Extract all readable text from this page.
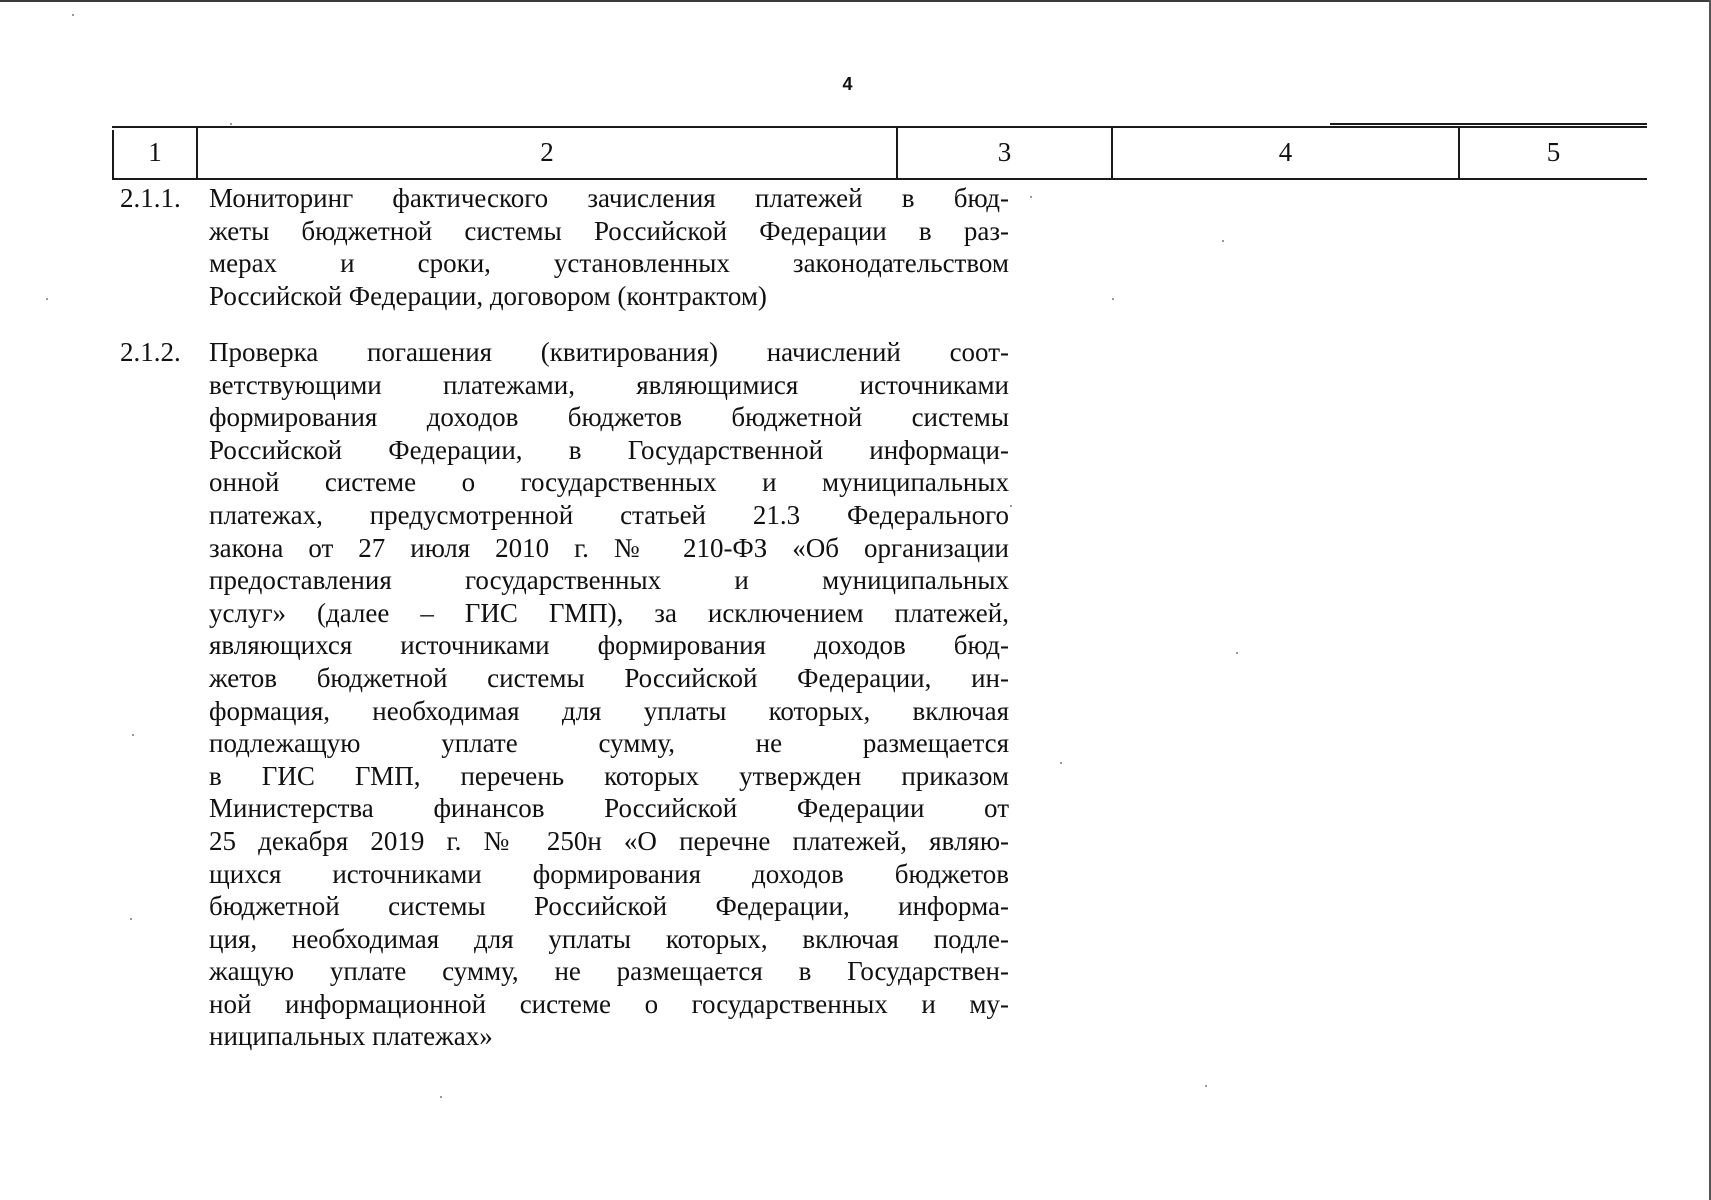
4
1	2	3	4	5
2.1.1. Мониторинг фактического зачисления платежей в бюд-
жеты бюджетной системы Российской Федерации в раз-
мерах и сроки, установленных законодательством
Российской Федерации, договором (контрактом)
2.1.2. Проверка погашения (квитирования) начислений соот-
ветствующими платежами, являющимися источниками
формирования доходов бюджетов бюджетной системы
Российской Федерации, в Государственной информаци-
онной системе о государственных и муниципальных
платежах, предусмотренной статьей 21.3 Федерального
закона от 27 июля 2010 г. № 210-ФЗ «Об организации
предоставления государственных и муниципальных
услуг» (далее – ГИС ГМП), за исключением платежей,
являющихся источниками формирования доходов бюд-
жетов бюджетной системы Российской Федерации, ин-
формация, необходимая для уплаты которых, включая
подлежащую уплате сумму, не размещается
в ГИС ГМП, перечень которых утвержден приказом
Министерства финансов Российской Федерации от
25 декабря 2019 г. № 250н «О перечне платежей, являю-
щихся источниками формирования доходов бюджетов
бюджетной системы Российской Федерации, информа-
ция, необходимая для уплаты которых, включая подле-
жащую уплате сумму, не размещается в Государствен-
ной информационной системе о государственных и му-
ниципальных платежах»
